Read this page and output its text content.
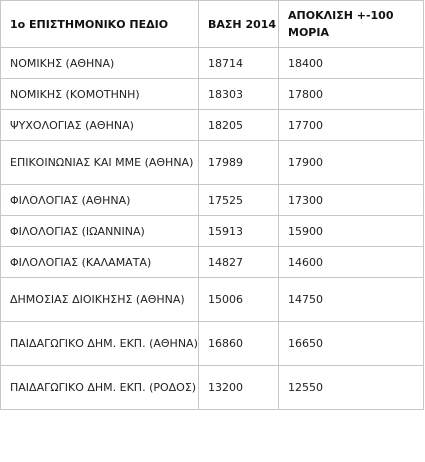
1ο ΕΠΙΣΤΗΜΟΝΙΚΟ ΠΕΔΙΟ	ΒΑΣΗ 2014	ΑΠΟΚΛΙΣΗ +-100 ΜΟΡΙΑ
ΝΟΜΙΚΗΣ (ΑΘΗΝΑ)	18714	18400
ΝΟΜΙΚΗΣ (ΚΟΜΟΤΗΝΗ)	18303	17800
ΨΥΧΟΛΟΓΙΑΣ (ΑΘΗΝΑ)	18205	17700
ΕΠΙΚΟΙΝΩΝΙΑΣ ΚΑΙ ΜΜΕ (ΑΘΗΝΑ)	17989	17900
ΦΙΛΟΛΟΓΙΑΣ (ΑΘΗΝΑ)	17525	17300
ΦΙΛΟΛΟΓΙΑΣ (ΙΩΑΝΝΙΝΑ)	15913	15900
ΦΙΛΟΛΟΓΙΑΣ (ΚΑΛΑΜΑΤΑ)	14827	14600
ΔΗΜΟΣΙΑΣ ΔΙΟΙΚΗΣΗΣ (ΑΘΗΝΑ)	15006	14750
ΠΑΙΔΑΓΩΓΙΚΟ ΔΗΜ. ΕΚΠ. (ΑΘΗΝΑ)	16860	16650
ΠΑΙΔΑΓΩΓΙΚΟ ΔΗΜ. ΕΚΠ. (ΡΟΔΟΣ)	13200	12550
